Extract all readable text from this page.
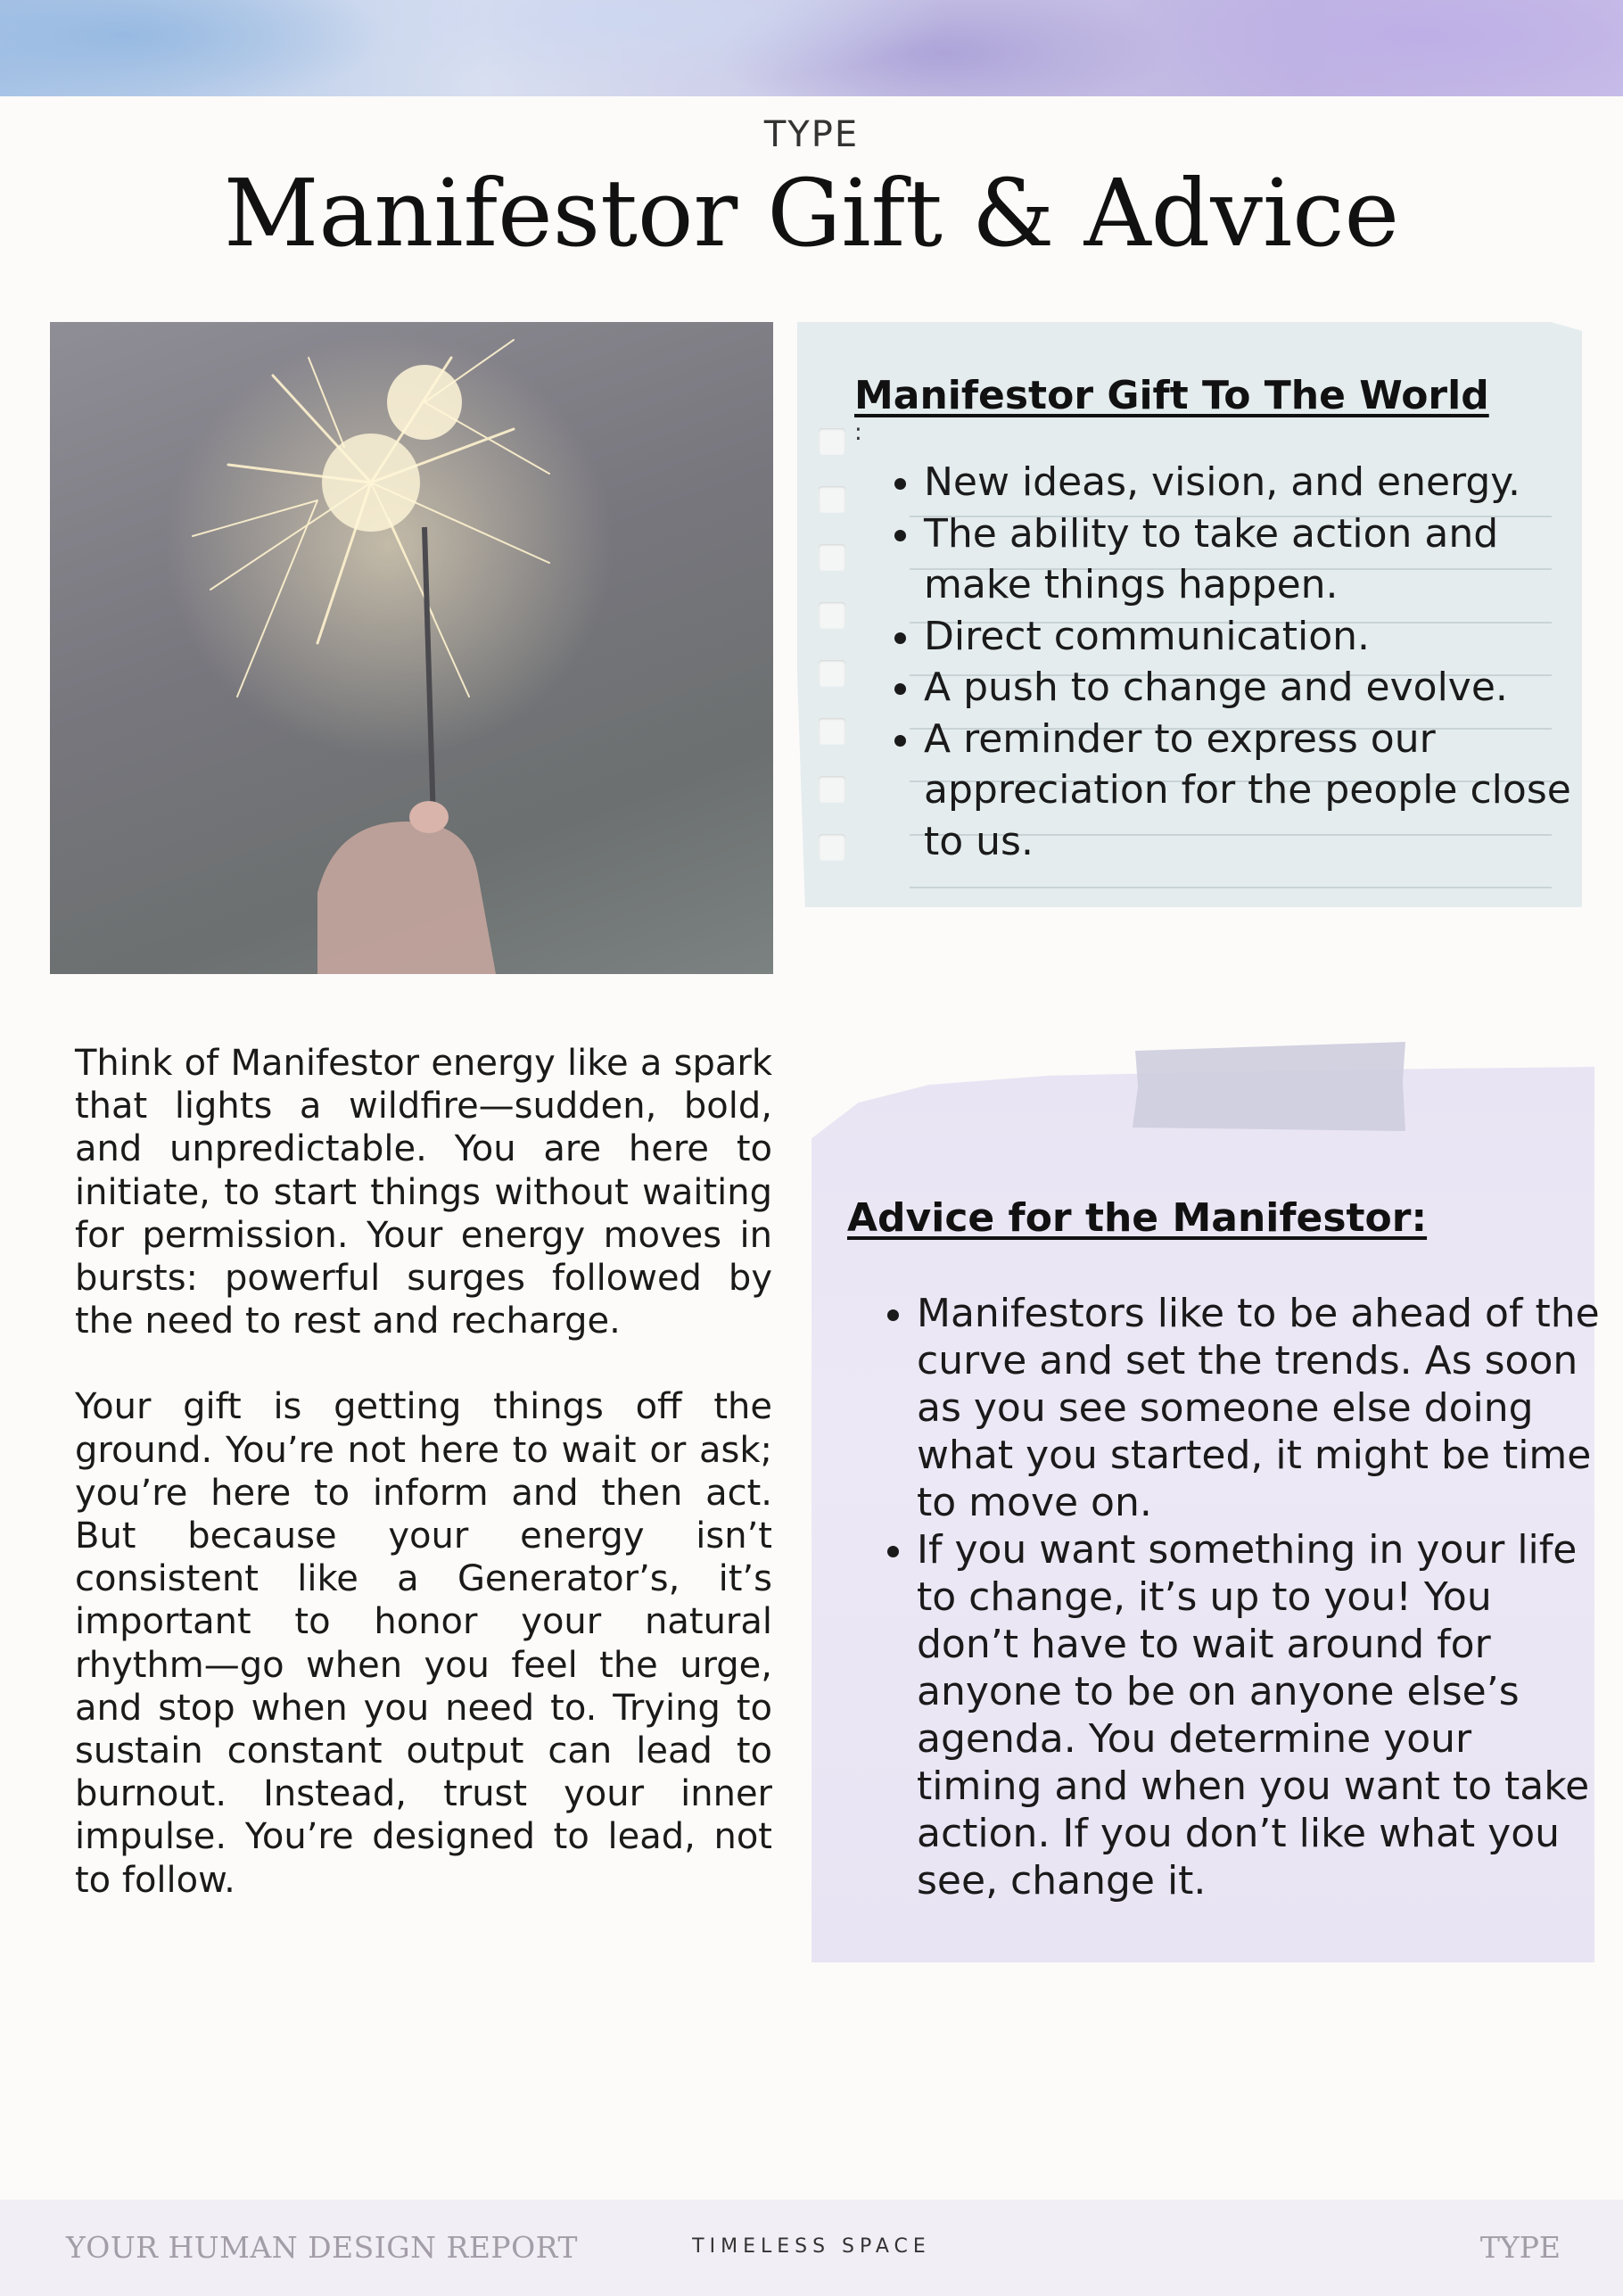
TYPE
Manifestor Gift & Advice
Manifestor Gift To The World
:
• New ideas, vision, and energy.
• The ability to take action and make things happen.
• Direct communication.
• A push to change and evolve.
• A reminder to express our appreciation for the people close to us.

Think of Manifestor energy like a spark that lights a wildfire—sudden, bold, and unpredictable. You are here to initiate, to start things without waiting for permission. Your energy moves in bursts: powerful surges followed by the need to rest and recharge.

Your gift is getting things off the ground. You’re not here to wait or ask; you’re here to inform and then act. But because your energy isn’t consistent like a Generator’s, it’s important to honor your natural rhythm—go when you feel the urge, and stop when you need to. Trying to sustain constant output can lead to burnout. Instead, trust your inner impulse. You’re designed to lead, not to follow.

Advice for the Manifestor:
• Manifestors like to be ahead of the curve and set the trends. As soon as you see someone else doing what you started, it might be time to move on.
• If you want something in your life to change, it’s up to you! You don’t have to wait around for anyone to be on anyone else’s agenda. You determine your timing and when you want to take action. If you don’t like what you see, change it.
YOUR HUMAN DESIGN REPORT	TIMELESS SPACE	TYPE
